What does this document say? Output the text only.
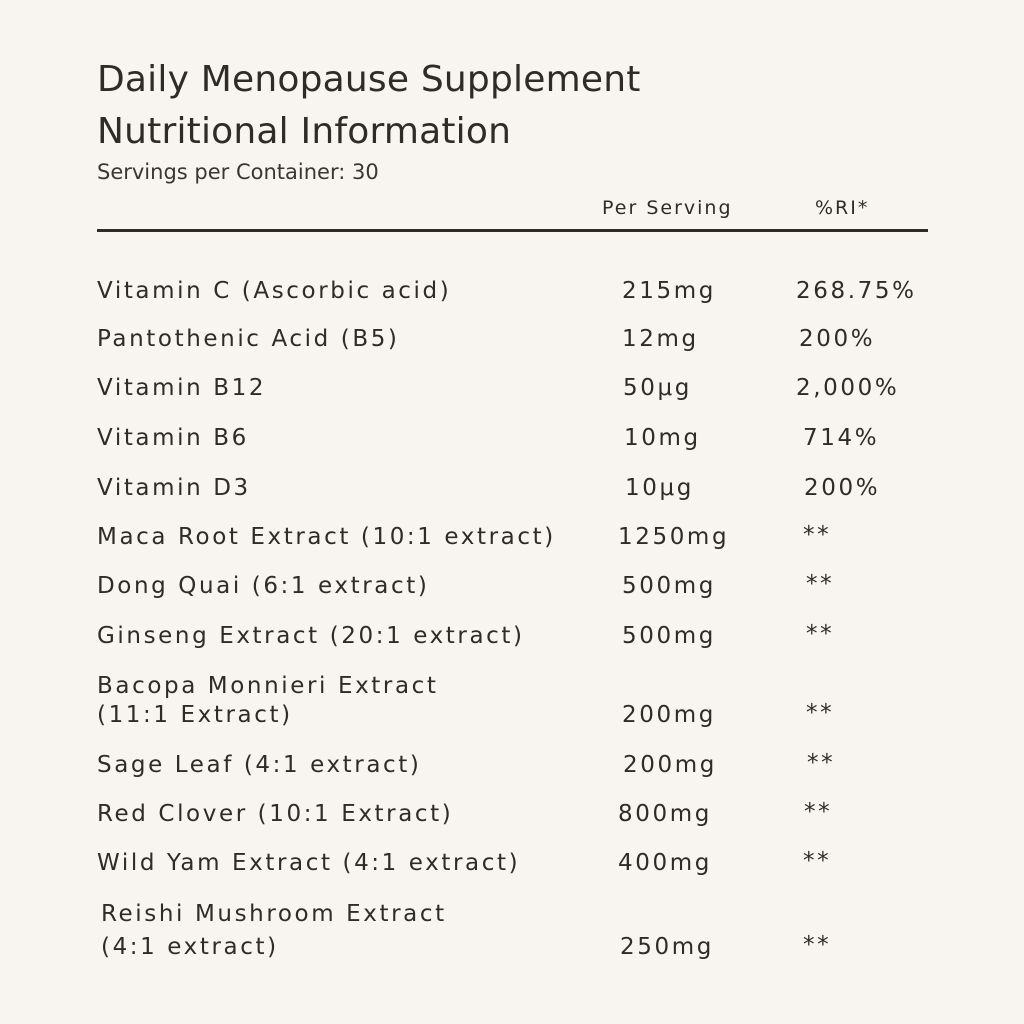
Daily Menopause Supplement
Nutritional Information
Servings per Container: 30
Per Serving	%RI*
Vitamin C (Ascorbic acid)	215mg	268.75%
Pantothenic Acid (B5)	12mg	200%
Vitamin B12	50μg	2,000%
Vitamin B6	10mg	714%
Vitamin D3	10μg	200%
Maca Root Extract (10:1 extract)	1250mg	**
Dong Quai (6:1 extract)	500mg	**
Ginseng Extract (20:1 extract)	500mg	**
Bacopa Monnieri Extract
(11:1 Extract)	200mg	**
Sage Leaf (4:1 extract)	200mg	**
Red Clover (10:1 Extract)	800mg	**
Wild Yam Extract (4:1 extract)	400mg	**
Reishi Mushroom Extract
(4:1 extract)	250mg	**
